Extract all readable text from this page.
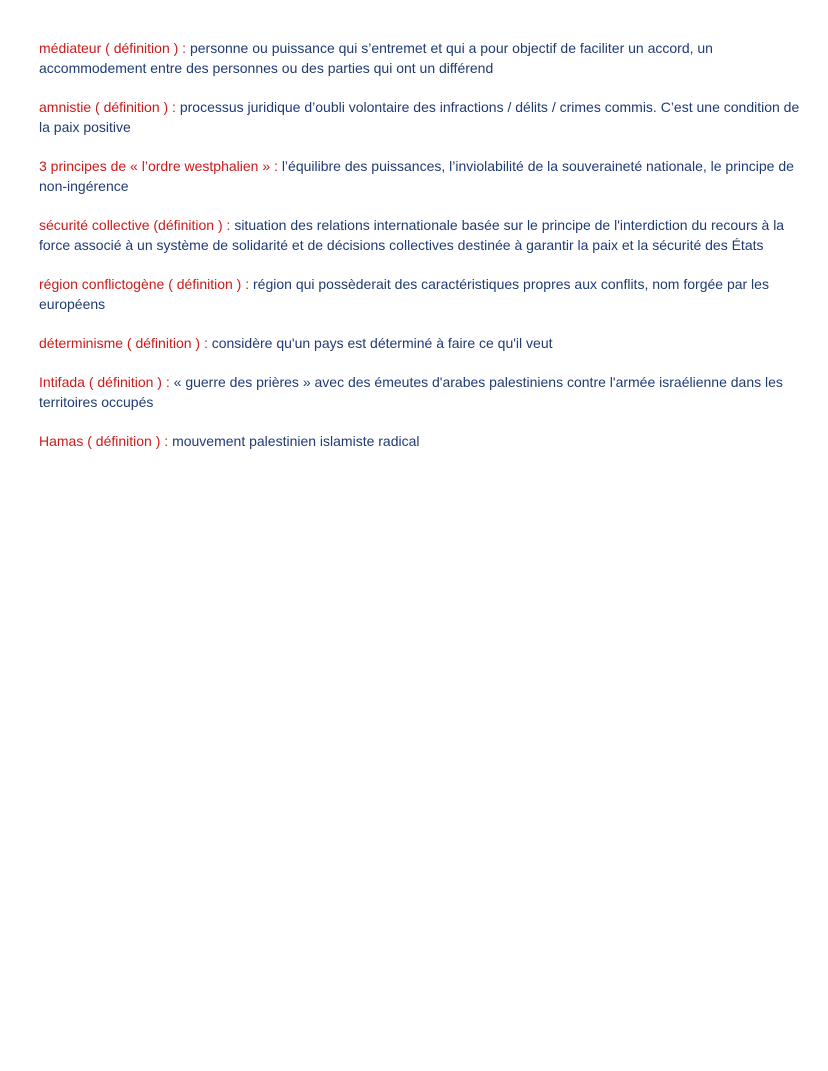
médiateur ( définition ) : personne ou puissance qui s’entremet et qui a pour objectif de faciliter un accord, un accommodement entre des personnes ou des parties qui ont un différend

amnistie ( définition ) : processus juridique d’oubli volontaire des infractions / délits / crimes commis. C’est une condition de la paix positive

3 principes de « l’ordre westphalien » : l’équilibre des puissances, l’inviolabilité de la souveraineté nationale, le principe de non-ingérence

sécurité collective (définition ) : situation des relations internationale basée sur le principe de l'interdiction du recours à la force associé à un système de solidarité et de décisions collectives destinée à garantir la paix et la sécurité des États

région conflictogène ( définition ) : région qui possèderait des caractéristiques propres aux conflits, nom forgée par les européens

déterminisme ( définition ) : considère qu'un pays est déterminé à faire ce qu'il veut

Intifada ( définition ) : « guerre des prières » avec des émeutes d'arabes palestiniens contre l'armée israélienne dans les territoires occupés

Hamas ( définition ) : mouvement palestinien islamiste radical
